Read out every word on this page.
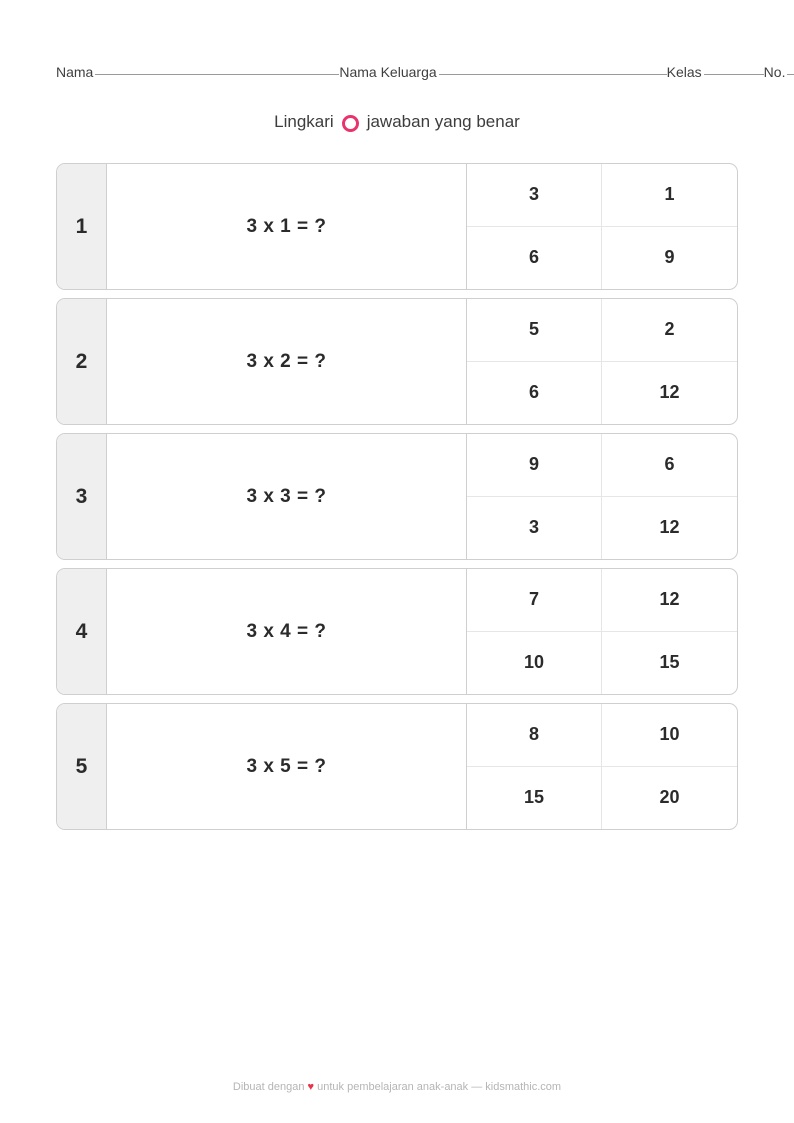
Nama	Nama Keluarga	Kelas	No.
Lingkari jawaban yang benar
1	3 x 1 = ?
3	1
6	9
2	3 x 2 = ?
5	2
6	12
3	3 x 3 = ?
9	6
3	12
4	3 x 4 = ?
7	12
10	15
5	3 x 5 = ?
8	10
15	20
Dibuat dengan ♥ untuk pembelajaran anak-anak — kidsmathic.com
